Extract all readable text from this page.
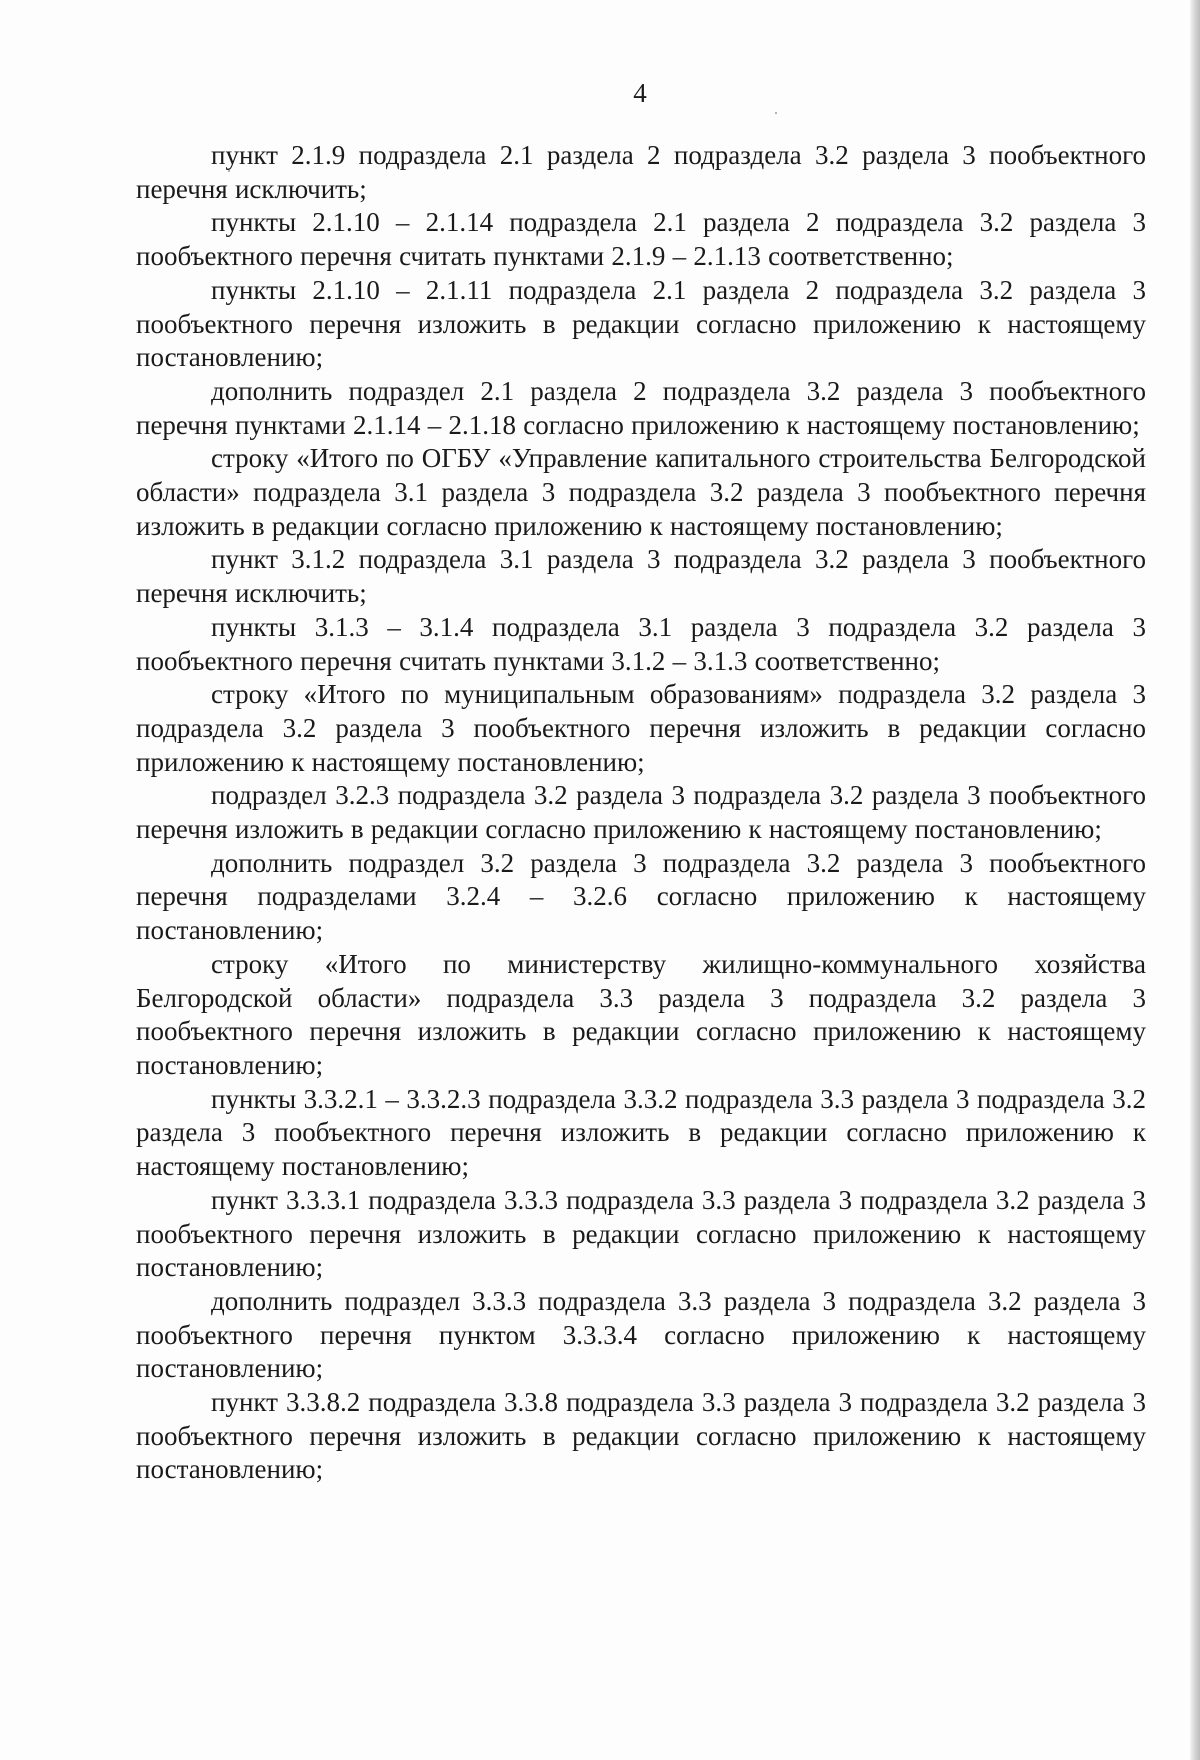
4

пункт 2.1.9 подраздела 2.1 раздела 2 подраздела 3.2 раздела 3 пообъектного перечня исключить;

пункты 2.1.10 – 2.1.14 подраздела 2.1 раздела 2 подраздела 3.2 раздела 3 пообъектного перечня считать пунктами 2.1.9 – 2.1.13 соответственно;

пункты 2.1.10 – 2.1.11 подраздела 2.1 раздела 2 подраздела 3.2 раздела 3 пообъектного перечня изложить в редакции согласно приложению к настоящему постановлению;

дополнить подраздел 2.1 раздела 2 подраздела 3.2 раздела 3 пообъектного перечня пунктами 2.1.14 – 2.1.18 согласно приложению к настоящему постановлению;

строку «Итого по ОГБУ «Управление капитального строительства Белгородской области» подраздела 3.1 раздела 3 подраздела 3.2 раздела 3 пообъектного перечня изложить в редакции согласно приложению к настоящему постановлению;

пункт 3.1.2 подраздела 3.1 раздела 3 подраздела 3.2 раздела 3 пообъектного перечня исключить;

пункты 3.1.3 – 3.1.4 подраздела 3.1 раздела 3 подраздела 3.2 раздела 3 пообъектного перечня считать пунктами 3.1.2 – 3.1.3 соответственно;

строку «Итого по муниципальным образованиям» подраздела 3.2 раздела 3 подраздела 3.2 раздела 3 пообъектного перечня изложить в редакции согласно приложению к настоящему постановлению;

подраздел 3.2.3 подраздела 3.2 раздела 3 подраздела 3.2 раздела 3 пообъектного перечня изложить в редакции согласно приложению к настоящему постановлению;

дополнить подраздел 3.2 раздела 3 подраздела 3.2 раздела 3 пообъектного перечня подразделами 3.2.4 – 3.2.6 согласно приложению к настоящему постановлению;

строку «Итого по министерству жилищно-коммунального хозяйства Белгородской области» подраздела 3.3 раздела 3 подраздела 3.2 раздела 3 пообъектного перечня изложить в редакции согласно приложению к настоящему постановлению;

пункты 3.3.2.1 – 3.3.2.3 подраздела 3.3.2 подраздела 3.3 раздела 3 подраздела 3.2 раздела 3 пообъектного перечня изложить в редакции согласно приложению к настоящему постановлению;

пункт 3.3.3.1 подраздела 3.3.3 подраздела 3.3 раздела 3 подраздела 3.2 раздела 3 пообъектного перечня изложить в редакции согласно приложению к настоящему постановлению;

дополнить подраздел 3.3.3 подраздела 3.3 раздела 3 подраздела 3.2 раздела 3 пообъектного перечня пунктом 3.3.3.4 согласно приложению к настоящему постановлению;

пункт 3.3.8.2 подраздела 3.3.8 подраздела 3.3 раздела 3 подраздела 3.2 раздела 3 пообъектного перечня изложить в редакции согласно приложению к настоящему постановлению;
